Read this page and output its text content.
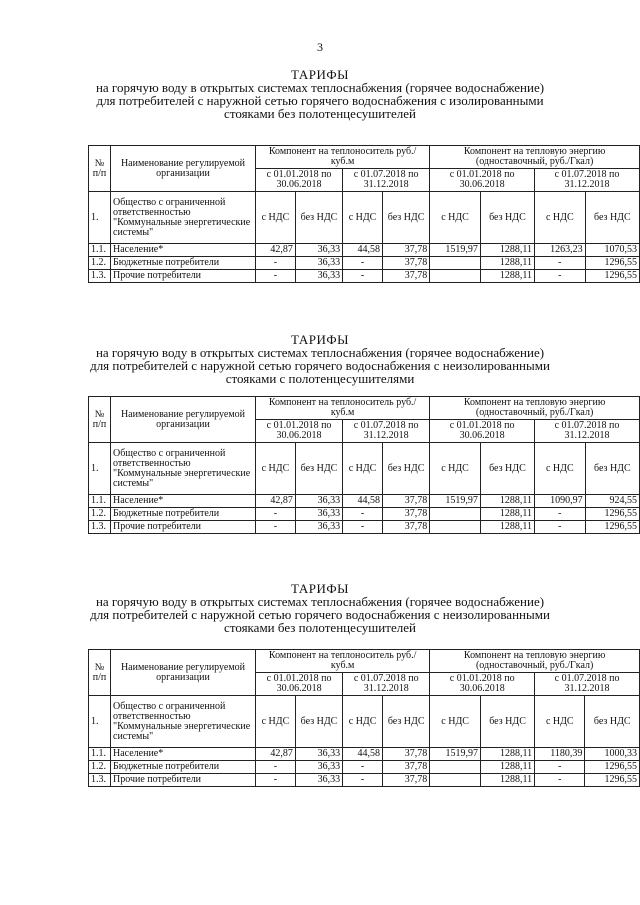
3
ТАРИФЫ
на горячую воду в открытых системах теплоснабжения (горячее водоснабжение)
для потребителей с наружной сетью горячего водоснабжения с изолированными
стояками без полотенцесушителей
№
п/п	Наименование регулируемой организации	Компонент на теплоноситель руб./куб.м				Компонент на тепловую энергию (одноставочный, руб./Гкал)			
		с 01.01.2018 по 30.06.2018		с 01.07.2018 по 31.12.2018		с 01.01.2018 по 30.06.2018		с 01.07.2018 по 31.12.2018	
1.	Общество с ограниченной ответственностью "Коммунальные энергетические системы"	с НДС	без НДС	с НДС	без НДС	с НДС	без НДС	с НДС	без НДС
1.1.	Население*	42,87	36,33	44,58	37,78	1519,97	1288,11	1263,23	1070,53
1.2.	Бюджетные потребители	-	36,33	-	37,78		1288,11	-	1296,55
1.3.	Прочие потребители	-	36,33	-	37,78		1288,11	-	1296,55
ТАРИФЫ
на горячую воду в открытых системах теплоснабжения (горячее водоснабжение)
для потребителей с наружной сетью горячего водоснабжения с неизолированными
стояками с полотенцесушителями
№
п/п	Наименование регулируемой организации	Компонент на теплоноситель руб./куб.м				Компонент на тепловую энергию (одноставочный, руб./Гкал)			
		с 01.01.2018 по 30.06.2018		с 01.07.2018 по 31.12.2018		с 01.01.2018 по 30.06.2018		с 01.07.2018 по 31.12.2018	
1.	Общество с ограниченной ответственностью "Коммунальные энергетические системы"	с НДС	без НДС	с НДС	без НДС	с НДС	без НДС	с НДС	без НДС
1.1.	Население*	42,87	36,33	44,58	37,78	1519,97	1288,11	1090,97	924,55
1.2.	Бюджетные потребители	-	36,33	-	37,78		1288,11	-	1296,55
1.3.	Прочие потребители	-	36,33	-	37,78		1288,11	-	1296,55
ТАРИФЫ
на горячую воду в открытых системах теплоснабжения (горячее водоснабжение)
для потребителей с наружной сетью горячего водоснабжения с неизолированными
стояками без полотенцесушителей
№
п/п	Наименование регулируемой организации	Компонент на теплоноситель руб./куб.м				Компонент на тепловую энергию (одноставочный, руб./Гкал)			
		с 01.01.2018 по 30.06.2018		с 01.07.2018 по 31.12.2018		с 01.01.2018 по 30.06.2018		с 01.07.2018 по 31.12.2018	
1.	Общество с ограниченной ответственностью "Коммунальные энергетические системы"	с НДС	без НДС	с НДС	без НДС	с НДС	без НДС	с НДС	без НДС
1.1.	Население*	42,87	36,33	44,58	37,78	1519,97	1288,11	1180,39	1000,33
1.2.	Бюджетные потребители	-	36,33	-	37,78		1288,11	-	1296,55
1.3.	Прочие потребители	-	36,33	-	37,78		1288,11	-	1296,55
